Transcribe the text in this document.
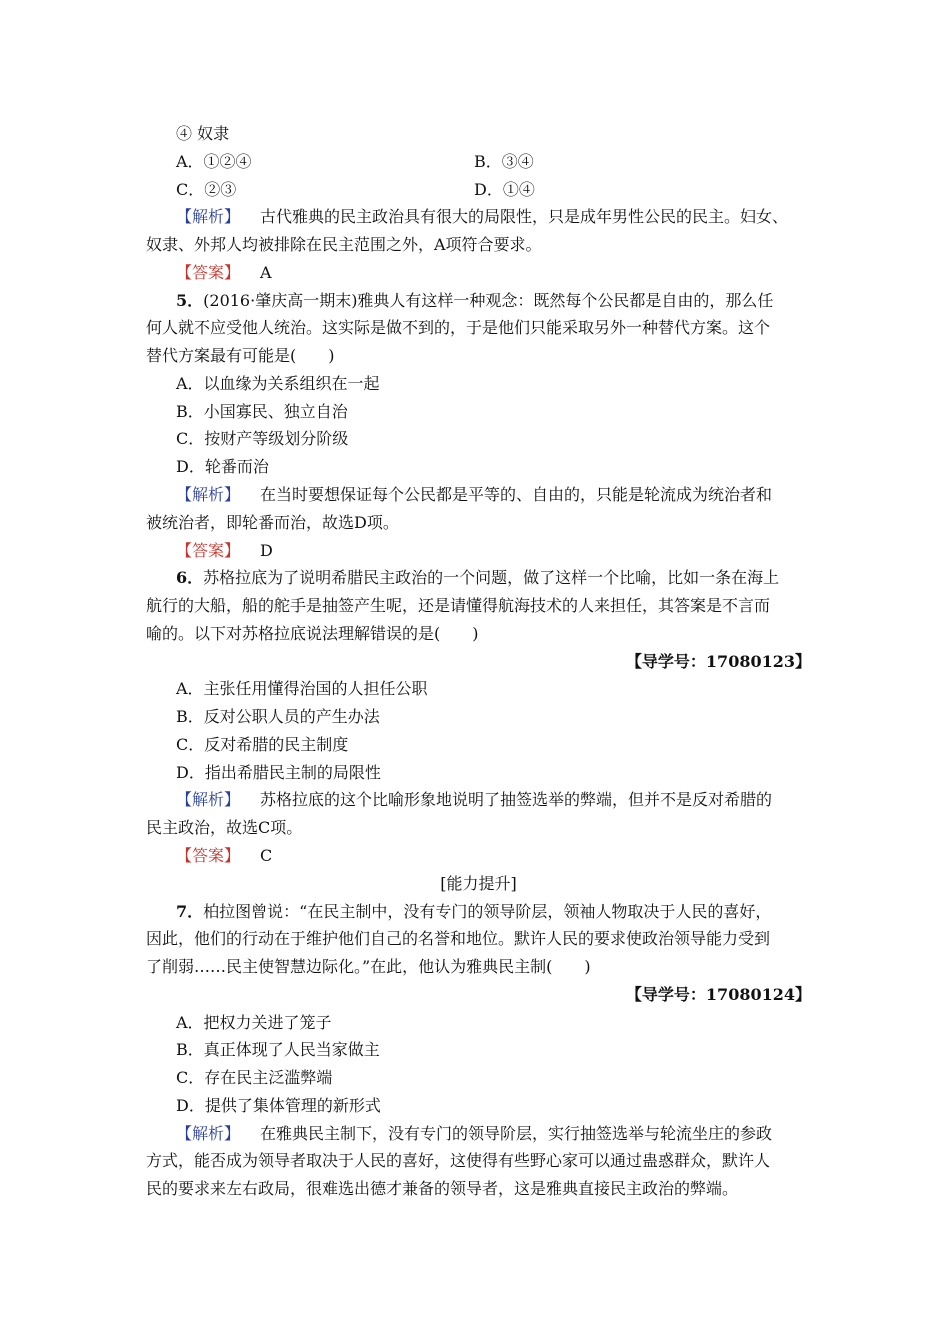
④ 奴隶
A．①②④	B．③④
C．②③	D．①④
【解析】 古代雅典的民主政治具有很大的局限性，只是成年男性公民的民主。妇女、
奴隶、外邦人均被排除在民主范围之外，A项符合要求。
【答案】 A
5．(2016·肇庆高一期末)雅典人有这样一种观念：既然每个公民都是自由的，那么任
何人就不应受他人统治。这实际是做不到的，于是他们只能采取另外一种替代方案。这个
替代方案最有可能是(　　)
A．以血缘为关系组织在一起
B．小国寡民、独立自治
C．按财产等级划分阶级
D．轮番而治
【解析】 在当时要想保证每个公民都是平等的、自由的，只能是轮流成为统治者和
被统治者，即轮番而治，故选D项。
【答案】 D
6．苏格拉底为了说明希腊民主政治的一个问题，做了这样一个比喻，比如一条在海上
航行的大船，船的舵手是抽签产生呢，还是请懂得航海技术的人来担任，其答案是不言而
喻的。以下对苏格拉底说法理解错误的是(　　)
【导学号：17080123】
A．主张任用懂得治国的人担任公职
B．反对公职人员的产生办法
C．反对希腊的民主制度
D．指出希腊民主制的局限性
【解析】 苏格拉底的这个比喻形象地说明了抽签选举的弊端，但并不是反对希腊的
民主政治，故选C项。
【答案】 C
[能力提升]
7．柏拉图曾说：“在民主制中，没有专门的领导阶层，领袖人物取决于人民的喜好，
因此，他们的行动在于维护他们自己的名誉和地位。默许人民的要求使政治领导能力受到
了削弱……民主使智慧边际化。”在此，他认为雅典民主制(　　)
【导学号：17080124】
A．把权力关进了笼子
B．真正体现了人民当家做主
C．存在民主泛滥弊端
D．提供了集体管理的新形式
【解析】 在雅典民主制下，没有专门的领导阶层，实行抽签选举与轮流坐庄的参政
方式，能否成为领导者取决于人民的喜好，这使得有些野心家可以通过蛊惑群众，默许人
民的要求来左右政局，很难选出德才兼备的领导者，这是雅典直接民主政治的弊端。
